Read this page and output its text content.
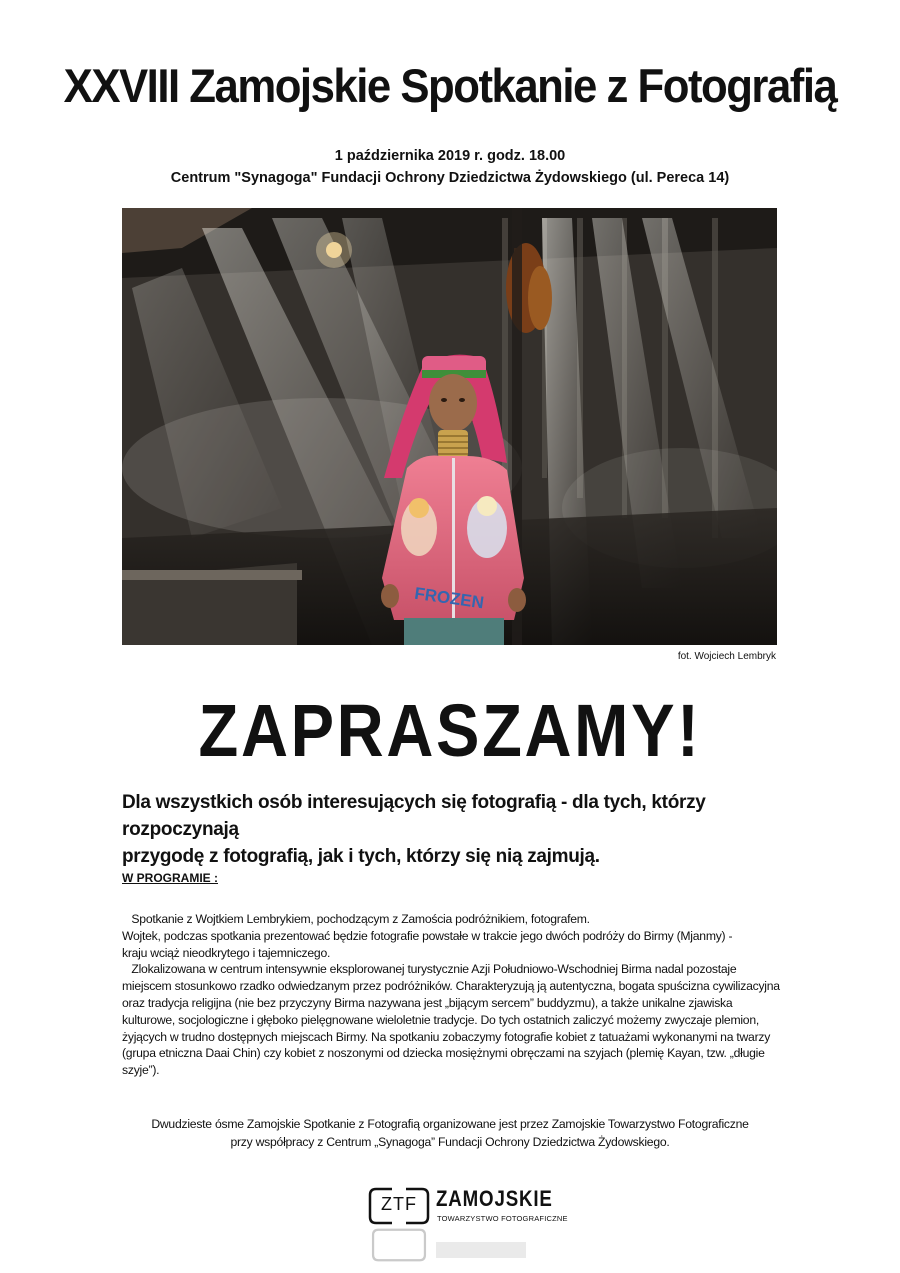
XXVIII Zamojskie Spotkanie z Fotografią
1 października 2019 r. godz. 18.00
Centrum "Synagoga" Fundacji Ochrony Dziedzictwa Żydowskiego (ul. Pereca 14)
FROZEN
fot. Wojciech Lembryk
ZAPRASZAMY!
Dla wszystkich osób interesujących się fotografią - dla tych, którzy rozpoczynają
przygodę z fotografią, jak i tych, którzy się nią zajmują.
W PROGRAMIE :

Spotkanie z Wojtkiem Lembrykiem, pochodzącym z Zamościa podróżnikiem, fotografem.

Wojtek, podczas spotkania prezentować będzie fotografie powstałe w trakcie jego dwóch podróży do Birmy (Mjanmy) -

kraju wciąż nieodkrytego i tajemniczego.

Zlokalizowana w centrum intensywnie eksplorowanej turystycznie Azji Południowo-Wschodniej Birma nadal pozostaje

miejscem stosunkowo rzadko odwiedzanym przez podróżników. Charakteryzują ją autentyczna, bogata spuścizna cywilizacyjna

oraz tradycja religijna (nie bez przyczyny Birma nazywana jest „bijącym sercem” buddyzmu), a także unikalne zjawiska

kulturowe, socjologiczne i głęboko pielęgnowane wieloletnie tradycje. Do tych ostatnich zaliczyć możemy zwyczaje plemion,

żyjących w trudno dostępnych miejscach Birmy. Na spotkaniu zobaczymy fotografie kobiet z tatuażami wykonanymi na twarzy

(grupa etniczna Daai Chin) czy kobiet z noszonymi od dziecka mosiężnymi obręczami na szyjach (plemię Kayan, tzw. „długie szyje”).

Dwudzieste ósme Zamojskie Spotkanie z Fotografią organizowane jest przez Zamojskie Towarzystwo Fotograficzne

przy współpracy z Centrum „Synagoga” Fundacji Ochrony Dziedzictwa Żydowskiego.

ZTF ZAMOJSKIE
TOWARZYSTWO FOTOGRAFICZNE
